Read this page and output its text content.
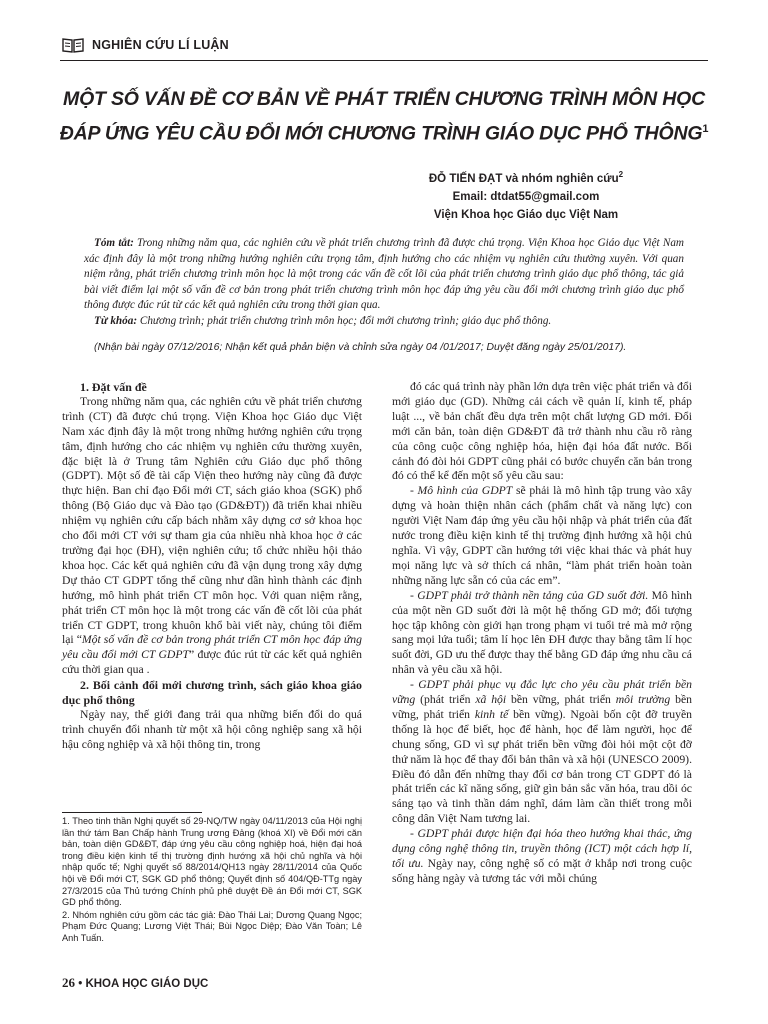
NGHIÊN CỨU LÍ LUẬN
MỘT SỐ VẤN ĐỀ CƠ BẢN VỀ PHÁT TRIỂN CHƯƠNG TRÌNH MÔN HỌC
ĐÁP ỨNG YÊU CẦU ĐỔI MỚI CHƯƠNG TRÌNH GIÁO DỤC PHỔ THÔNG$^1$
ĐỖ TIẾN ĐẠT và nhóm nghiên cứu$^2$
Email: dtdat55@gmail.com
Viện Khoa học Giáo dục Việt Nam

Tóm tắt: Trong những năm qua, các nghiên cứu về phát triển chương trình đã được chú trọng. Viện Khoa học Giáo dục Việt Nam xác định đây là một trong những hướng nghiên cứu trọng tâm, định hướng cho các nhiệm vụ nghiên cứu thường xuyên. Với quan niệm rằng, phát triển chương trình môn học là một trong các vấn đề cốt lõi của phát triển chương trình giáo dục phổ thông, tác giả bài viết điểm lại một số vấn đề cơ bản trong phát triển chương trình môn học đáp ứng yêu cầu đổi mới chương trình giáo dục phổ thông được đúc rút từ các kết quả nghiên cứu trong thời gian qua.

Từ khóa: Chương trình; phát triển chương trình môn học; đổi mới chương trình; giáo dục phổ thông.

(Nhận bài ngày 07/12/2016; Nhận kết quả phản biện và chỉnh sửa ngày 04 /01/2017; Duyệt đăng ngày 25/01/2017).
1. Đặt vấn đề

Trong những năm qua, các nghiên cứu về phát triển chương trình (CT) đã được chú trọng. Viện Khoa học Giáo dục Việt Nam xác định đây là một trong những hướng nghiên cứu trọng tâm, định hướng cho các nhiệm vụ nghiên cứu thường xuyên, đặc biệt là ở Trung tâm Nghiên cứu Giáo dục phổ thông (GDPT). Một số đề tài cấp Viện theo hướng này cũng đã được thực hiện. Ban chỉ đạo Đổi mới CT, sách giáo khoa (SGK) phổ thông (Bộ Giáo dục và Đào tạo (GD&ĐT)) đã triển khai nhiều nhiệm vụ nghiên cứu cấp bách nhằm xây dựng cơ sở khoa học cho đổi mới CT với sự tham gia của nhiều nhà khoa học ở các trường đại học (ĐH), viện nghiên cứu; tổ chức nhiều hội thảo khoa học. Các kết quả nghiên cứu đã vận dụng trong xây dựng Dự thảo CT GDPT tổng thể cũng như dần hình thành các định hướng, mô hình phát triển CT môn học. Với quan niệm rằng, phát triển CT môn học là một trong các vấn đề cốt lõi của phát triển CT GDPT, trong khuôn khổ bài viết này, chúng tôi điểm lại “Một số vấn đề cơ bản trong phát triển CT môn học đáp ứng yêu cầu đổi mới CT GDPT” được đúc rút từ các kết quả nghiên cứu thời gian qua .

2. Bối cảnh đổi mới chương trình, sách giáo khoa giáo dục phổ thông

Ngày nay, thế giới đang trải qua những biến đổi do quá trình chuyển đổi nhanh từ một xã hội công nghiệp sang xã hội hậu công nghiệp và xã hội thông tin, trong

1. Theo tinh thần Nghị quyết số 29-NQ/TW ngày 04/11/2013 của Hội nghị lần thứ tám Ban Chấp hành Trung ương Đảng (khoá XI) về Đổi mới căn bản, toàn diện GD&ĐT, đáp ứng yêu cầu công nghiệp hoá, hiện đại hoá trong điều kiện kinh tế thị trường định hướng xã hội chủ nghĩa và hội nhập quốc tế; Nghị quyết số 88/2014/QH13 ngày 28/11/2014 của Quốc hội về Đổi mới CT, SGK GD phổ thông; Quyết định số 404/QĐ-TTg ngày 27/3/2015 của Thủ tướng Chính phủ phê duyệt Đề án Đổi mới CT, SGK GD phổ thông.

2. Nhóm nghiên cứu gồm các tác giả: Đào Thái Lai; Dương Quang Ngọc; Phạm Đức Quang; Lương Việt Thái; Bùi Ngọc Diệp; Đào Văn Toàn; Lê Anh Tuấn.

đó các quá trình này phần lớn dựa trên việc phát triển và đổi mới giáo dục (GD). Những cải cách về quản lí, kinh tế, pháp luật ..., về bản chất đều dựa trên một chất lượng GD mới. Đổi mới căn bản, toàn diện GD&ĐT đã trở thành nhu cầu rõ ràng của công cuộc công nghiệp hóa, hiện đại hóa đất nước. Bối cảnh đó đòi hỏi GDPT cũng phải có bước chuyển căn bản trong đó có thể kể đến một số yêu cầu sau:

- Mô hình của GDPT sẽ phải là mô hình tập trung vào xây dựng và hoàn thiện nhân cách (phẩm chất và năng lực) con người Việt Nam đáp ứng yêu cầu hội nhập và phát triển của đất nước trong điều kiện kinh tế thị trường định hướng xã hội chủ nghĩa. Vì vậy, GDPT cần hướng tới việc khai thác và phát huy mọi năng lực và sở thích cá nhân, “làm phát triển hoàn toàn những năng lực sẵn có của các em”.

- GDPT phải trở thành nền tảng của GD suốt đời. Mô hình của một nền GD suốt đời là một hệ thống GD mở; đối tượng học tập không còn giới hạn trong phạm vi tuổi trẻ mà mở rộng sang mọi lứa tuổi; tâm lí học lên ĐH được thay bằng tâm lí học suốt đời, GD ưu thế được thay thế bằng GD đáp ứng nhu cầu cá nhân và yêu cầu xã hội.

- GDPT phải phục vụ đắc lực cho yêu cầu phát triển bền vững (phát triển xã hội bền vững, phát triển môi trường bền vững, phát triển kinh tế bền vững). Ngoài bốn cột đỡ truyền thống là học để biết, học để hành, học để làm người, học để chung sống, GD vì sự phát triển bền vững đòi hỏi một cột đỡ thứ năm là học để thay đổi bản thân và xã hội (UNESCO 2009). Điều đó dẫn đến những thay đổi cơ bản trong CT GDPT đó là phát triển các kĩ năng sống, giữ gìn bản sắc văn hóa, trau dồi óc sáng tạo và tinh thần dám nghĩ, dám làm cần thiết trong mỗi công dân Việt Nam tương lai.

- GDPT phải được hiện đại hóa theo hướng khai thác, ứng dụng công nghệ thông tin, truyền thông (ICT) một cách hợp lí, tối ưu. Ngày nay, công nghệ số có mặt ở khắp nơi trong cuộc sống hàng ngày và tương tác với mỗi chúng

26 • KHOA HỌC GIÁO DỤC
